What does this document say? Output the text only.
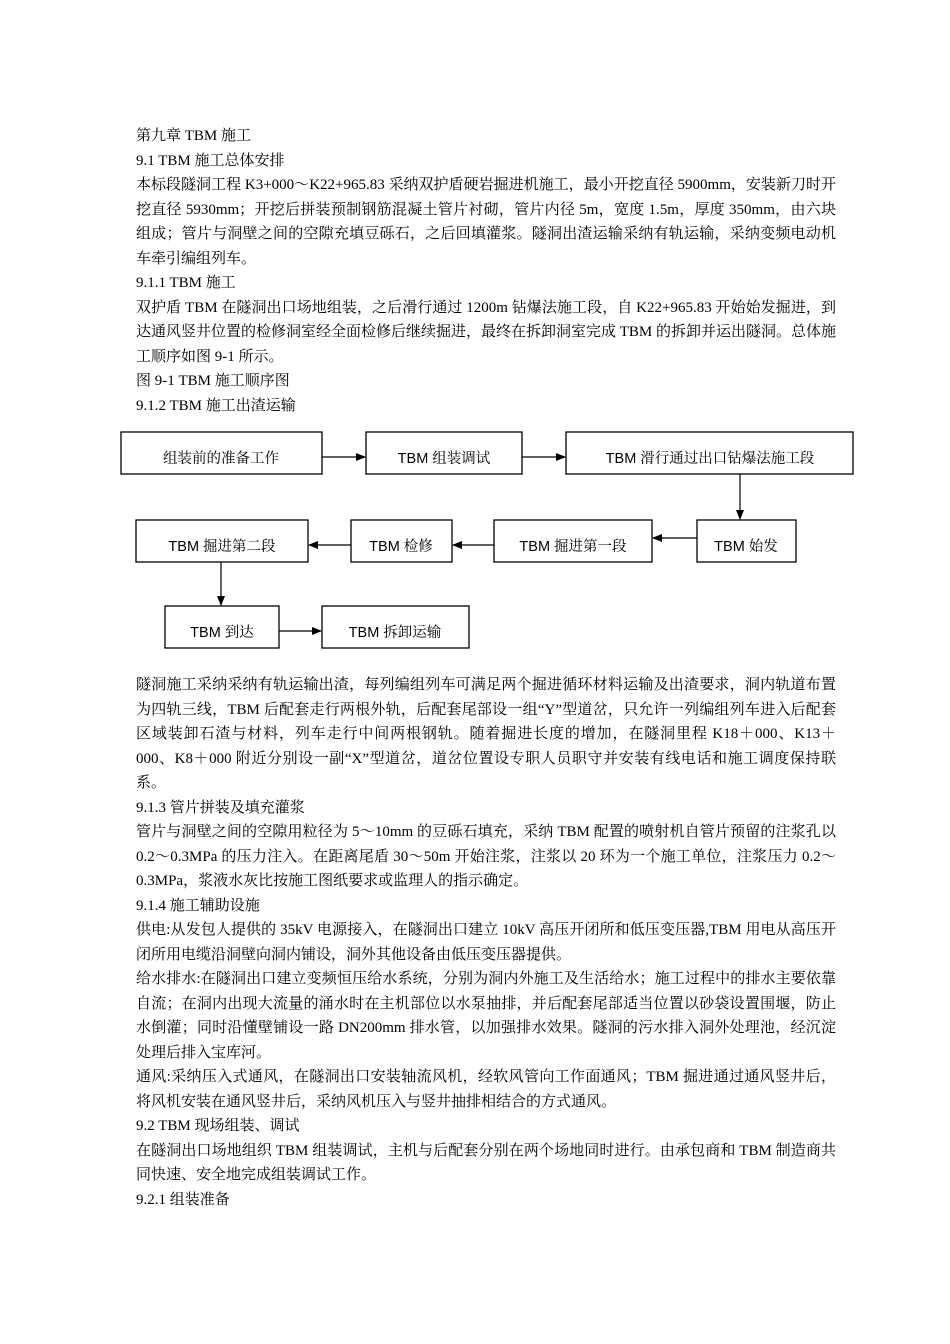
第九章 TBM 施工

9.1 TBM 施工总体安排

本标段隧洞工程 K3+000～K22+965.83 采纳双护盾硬岩掘进机施工，最小开挖直径 5900mm，安装新刀时开挖直径 5930mm；开挖后拼装预制钢筋混凝土管片衬砌，管片内径 5m，宽度 1.5m，厚度 350mm，由六块组成；管片与洞壁之间的空隙充填豆砾石，之后回填灌浆。隧洞出渣运输采纳有轨运输，采纳变频电动机车牵引编组列车。

9.1.1 TBM 施工

双护盾 TBM 在隧洞出口场地组装，之后滑行通过 1200m 钻爆法施工段，自 K22+965.83 开始始发掘进，到达通风竖井位置的检修洞室经全面检修后继续掘进，最终在拆卸洞室完成 TBM 的拆卸并运出隧洞。总体施工顺序如图 9-1 所示。

图 9-1 TBM 施工顺序图

9.1.2 TBM 施工出渣运输

组装前的准备工作	TBM 组装调试	TBM 滑行通过出口钻爆法施工段
TBM 始发
TBM 掘进第一段
TBM 检修
TBM 掘进第二段
TBM 到达	TBM 拆卸运输

隧洞施工采纳采纳有轨运输出渣，每列编组列车可满足两个掘进循环材料运输及出渣要求，洞内轨道布置为四轨三线，TBM 后配套走行两根外轨，后配套尾部设一组“Y”型道岔，只允许一列编组列车进入后配套区域装卸石渣与材料，列车走行中间两根钢轨。随着掘进长度的增加，在隧洞里程 K18＋000、K13＋000、K8＋000 附近分别设一副“X”型道岔，道岔位置设专职人员职守并安装有线电话和施工调度保持联系。

9.1.3 管片拼装及填充灌浆

管片与洞壁之间的空隙用粒径为 5～10mm 的豆砾石填充，采纳 TBM 配置的喷射机自管片预留的注浆孔以 0.2～0.3MPa 的压力注入。在距离尾盾 30～50m 开始注浆，注浆以 20 环为一个施工单位，注浆压力 0.2～0.3MPa，浆液水灰比按施工图纸要求或监理人的指示确定。

9.1.4 施工辅助设施

供电:从发包人提供的 35kV 电源接入，在隧洞出口建立 10kV 高压开闭所和低压变压器,TBM 用电从高压开闭所用电缆沿洞壁向洞内铺设，洞外其他设备由低压变压器提供。

给水排水:在隧洞出口建立变频恒压给水系统，分别为洞内外施工及生活给水；施工过程中的排水主要依靠自流；在洞内出现大流量的涌水时在主机部位以水泵抽排，并后配套尾部适当位置以砂袋设置围堰，防止水倒灌；同时沿懂壁铺设一路 DN200mm 排水管，以加强排水效果。隧洞的污水排入洞外处理池，经沉淀处理后排入宝库河。

通风:采纳压入式通风，在隧洞出口安装轴流风机，经软风管向工作面通风；TBM 掘进通过通风竖井后，将风机安装在通风竖井后，采纳风机压入与竖井抽排相结合的方式通风。

9.2 TBM 现场组装、调试

在隧洞出口场地组织 TBM 组装调试，主机与后配套分别在两个场地同时进行。由承包商和 TBM 制造商共同快速、安全地完成组装调试工作。

9.2.1 组装准备
